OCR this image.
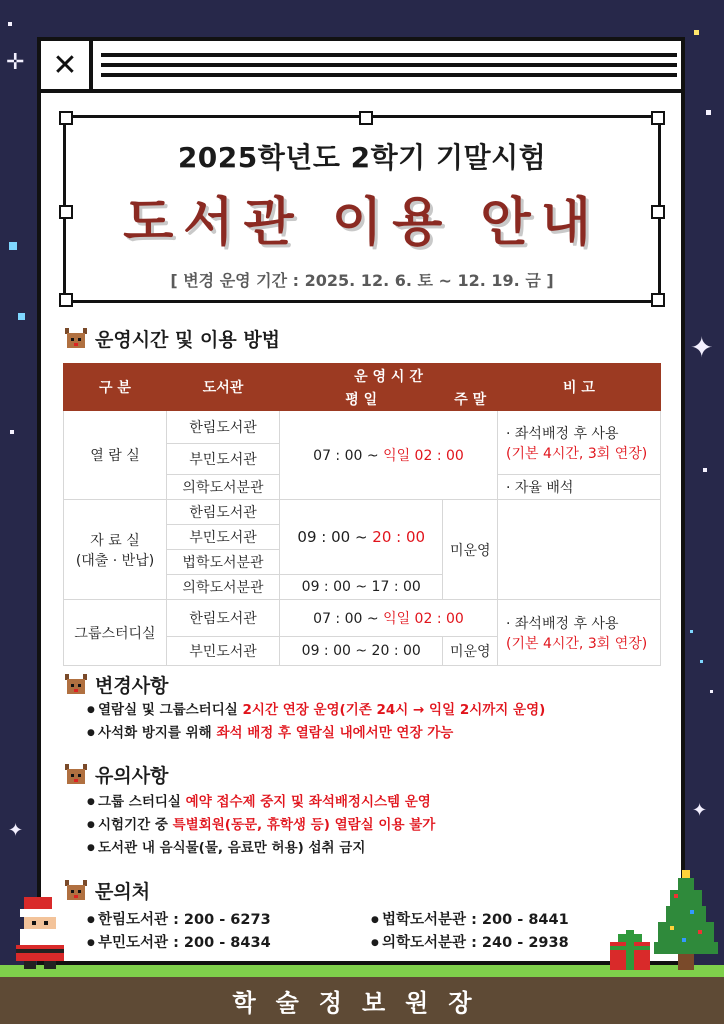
✛
✦
✦
✦
✕
2025학년도 2학기 기말시험
도서관 이용 안내
[ 변경 운영 기간 : 2025. 12. 6. 토 ~ 12. 19. 금 ]
운영시간 및 이용 방법
구 분	도서관	운 영 시 간		비 고
		평 일	주 말	
열 람 실	한림도서관	07 : 00 ~ 익일 02 : 00		· 좌석배정 후 사용
(기본 4시간, 3회 연장)

	부민도서관			
	의학도서분관			· 자율 배석

자 료 실
(대출 · 반납)	한림도서관	09 : 00 ~ 20 : 00	미운영	
	부민도서관			
	법학도서분관			
	의학도서분관	09 : 00 ~ 17 : 00		
그룹스터디실	한림도서관	07 : 00 ~ 익일 02 : 00		· 좌석배정 후 사용
(기본 4시간, 3회 연장)

	부민도서관	09 : 00 ~ 20 : 00	미운영	
변경사항
● 열람실 및 그룹스터디실 2시간 연장 운영(기존 24시 → 익일 2시까지 운영)
● 사석화 방지를 위해 좌석 배정 후 열람실 내에서만 연장 가능
유의사항
● 그룹 스터디실 예약 접수제 중지 및 좌석배정시스템 운영
● 시험기간 중 특별회원(동문, 휴학생 등) 열람실 이용 불가
● 도서관 내 음식물(물, 음료만 허용) 섭취 금지
문의처
● 한림도서관 : 200 - 6273
● 부민도서관 : 200 - 8434
● 법학도서분관 : 200 - 8441
● 의학도서분관 : 240 - 2938
학술정보원장
